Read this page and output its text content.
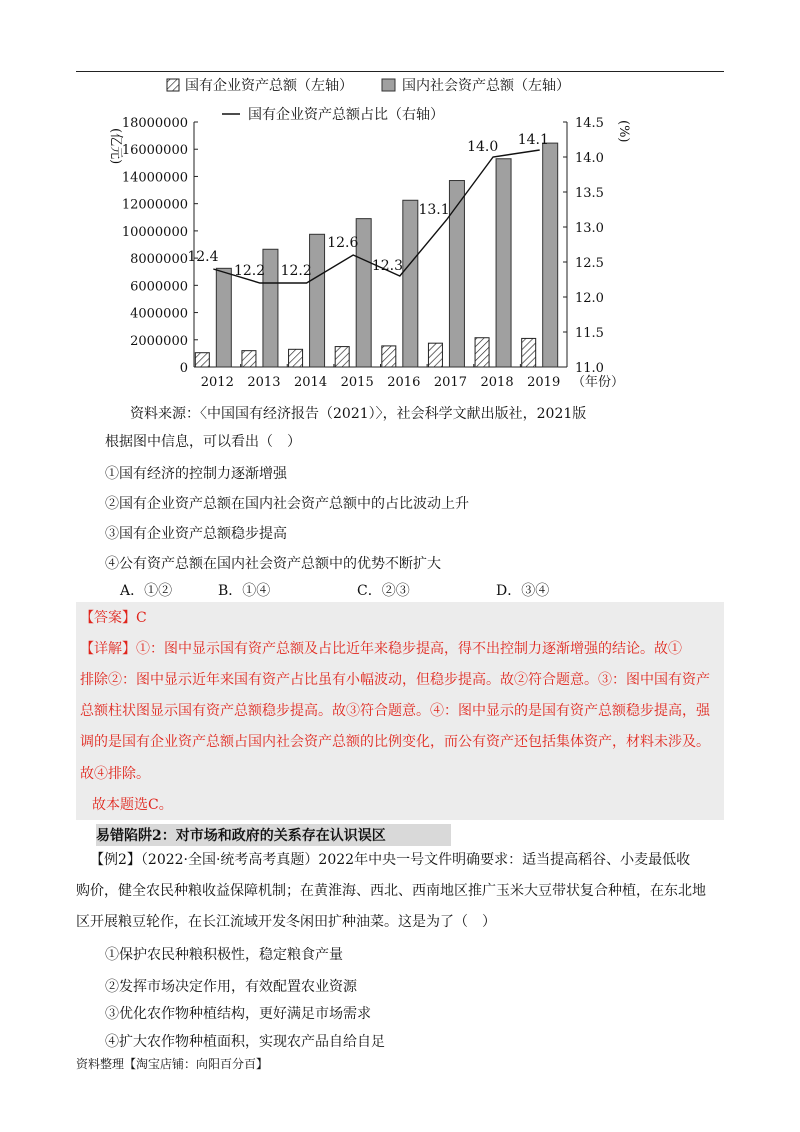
国有企业资产总额（左轴）	国内社会资产总额（左轴）
国有企业资产总额占比（右轴）
0
2000000
4000000
6000000
8000000
10000000
12000000
14000000
16000000
18000000
11.0
11.5
12.0
12.5
13.0
13.5
14.0
14.5
(亿元)	(%)
2012 2013 2014 2015 2016 2017 2018 2019 （年份）
12.4
12.2 12.2
12.6
12.3
13.1
14.0 14.1
资料来源：〈中国国有经济报告（2021）〉，社会科学文献出版社，2021版
根据图中信息，可以看出（　）
①国有经济的控制力逐渐增强
②国有企业资产总额在国内社会资产总额中的占比波动上升
③国有企业资产总额稳步提高
④公有资产总额在国内社会资产总额中的优势不断扩大
A．①②	B．①④	C．②③	D．③④
【答案】C
【详解】①：图中显示国有资产总额及占比近年来稳步提高，得不出控制力逐渐增强的结论。故①
排除②：图中显示近年来国有资产占比虽有小幅波动，但稳步提高。故②符合题意。③：图中国有资产
总额柱状图显示国有资产总额稳步提高。故③符合题意。④：图中显示的是国有资产总额稳步提高，强
调的是国有企业资产总额占国内社会资产总额的比例变化，而公有资产还包括集体资产，材料未涉及。
故④排除。
故本题选C。
易错陷阱2：对市场和政府的关系存在认识误区
【例2】（2022·全国·统考高考真题）2022年中央一号文件明确要求：适当提高稻谷、小麦最低收
购价，健全农民种粮收益保障机制；在黄淮海、西北、西南地区推广玉米大豆带状复合种植，在东北地
区开展粮豆轮作，在长江流域开发冬闲田扩种油菜。这是为了（　）
①保护农民种粮积极性，稳定粮食产量
②发挥市场决定作用，有效配置农业资源
③优化农作物种植结构，更好满足市场需求
④扩大农作物种植面积，实现农产品自给自足
资料整理【淘宝店铺：向阳百分百】
